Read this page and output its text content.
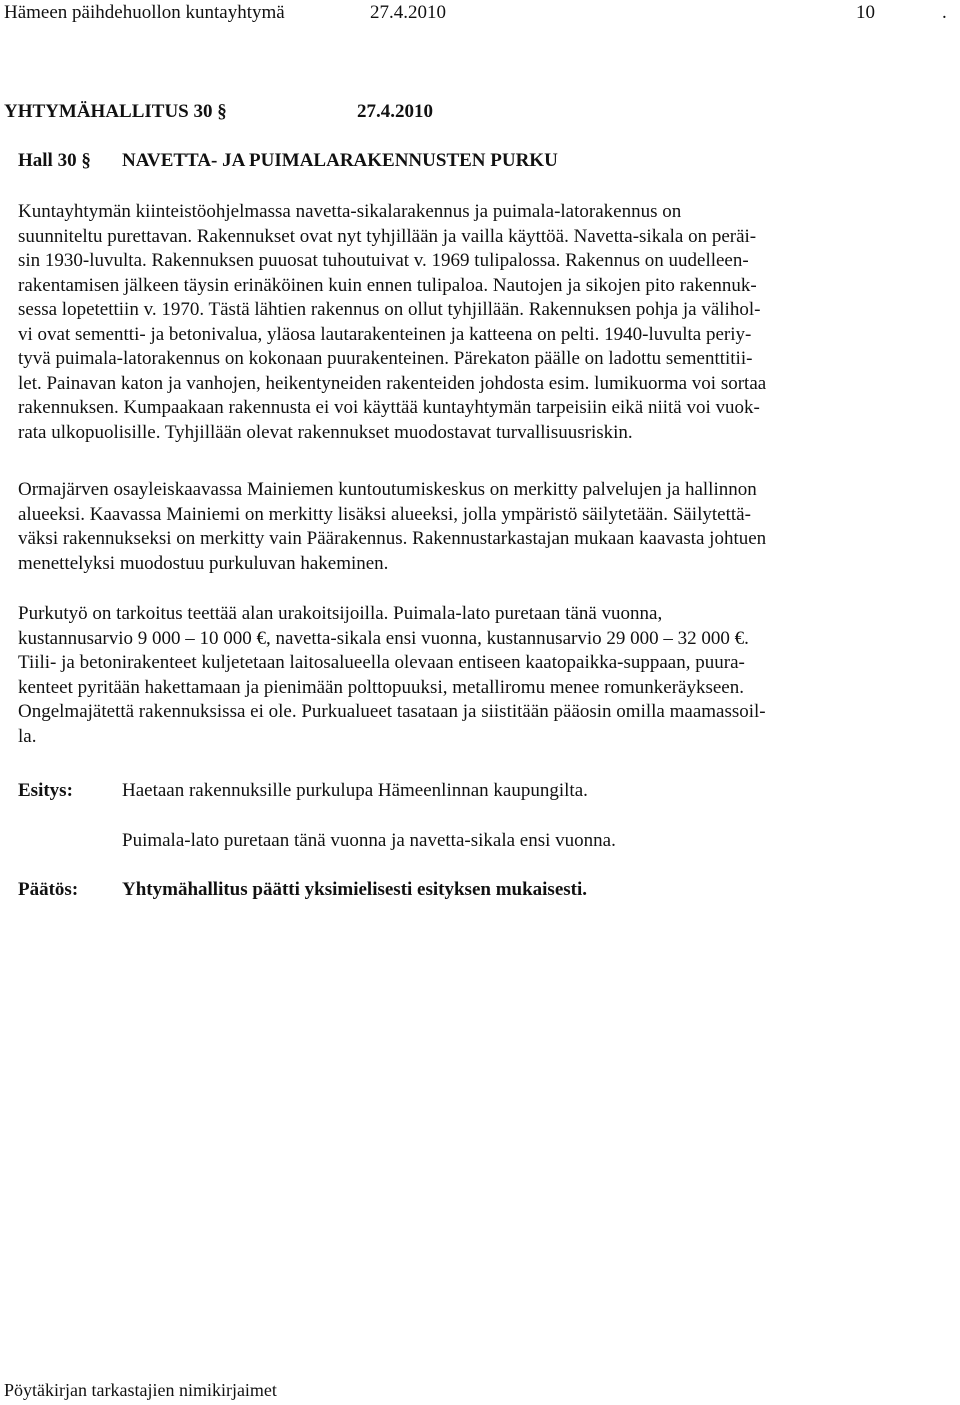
Hämeen päihdehuollon kuntayhtymä	27.4.2010	10	.
YHTYMÄHALLITUS 30 §	27.4.2010
Hall 30 § NAVETTA- JA PUIMALARAKENNUSTEN PURKU
Kuntayhtymän kiinteistöohjelmassa navetta-sikalarakennus ja puimala-latorakennus on
suunniteltu purettavan. Rakennukset ovat nyt tyhjillään ja vailla käyttöä. Navetta-sikala on peräi-
sin 1930-luvulta. Rakennuksen puuosat tuhoutuivat v. 1969 tulipalossa. Rakennus on uudelleen-
rakentamisen jälkeen täysin erinäköinen kuin ennen tulipaloa. Nautojen ja sikojen pito rakennuk-
sessa lopetettiin v. 1970. Tästä lähtien rakennus on ollut tyhjillään. Rakennuksen pohja ja välihol-
vi ovat sementti- ja betonivalua, yläosa lautarakenteinen ja katteena on pelti. 1940-luvulta periy-
tyvä puimala-latorakennus on kokonaan puurakenteinen. Pärekaton päälle on ladottu sementtitii-
let. Painavan katon ja vanhojen, heikentyneiden rakenteiden johdosta esim. lumikuorma voi sortaa
rakennuksen. Kumpaakaan rakennusta ei voi käyttää kuntayhtymän tarpeisiin eikä niitä voi vuok-
rata ulkopuolisille. Tyhjillään olevat rakennukset muodostavat turvallisuusriskin.
Ormajärven osayleiskaavassa Mainiemen kuntoutumiskeskus on merkitty palvelujen ja hallinnon
alueeksi. Kaavassa Mainiemi on merkitty lisäksi alueeksi, jolla ympäristö säilytetään. Säilytettä-
väksi rakennukseksi on merkitty vain Päärakennus. Rakennustarkastajan mukaan kaavasta johtuen
menettelyksi muodostuu purkuluvan hakeminen.
Purkutyö on tarkoitus teettää alan urakoitsijoilla. Puimala-lato puretaan tänä vuonna,
kustannusarvio 9 000 – 10 000 €, navetta-sikala ensi vuonna, kustannusarvio 29 000 – 32 000 €.
Tiili- ja betonirakenteet kuljetetaan laitosalueella olevaan entiseen kaatopaikka-suppaan, puura-
kenteet pyritään hakettamaan ja pienimään polttopuuksi, metalliromu menee romunkeräykseen.
Ongelmajätettä rakennuksissa ei ole. Purkualueet tasataan ja siistitään pääosin omilla maamassoil-
la.
Esitys:	Haetaan rakennuksille purkulupa Hämeenlinnan kaupungilta.
Puimala-lato puretaan tänä vuonna ja navetta-sikala ensi vuonna.
Päätös: Yhtymähallitus päätti yksimielisesti esityksen mukaisesti.
Pöytäkirjan tarkastajien nimikirjaimet
